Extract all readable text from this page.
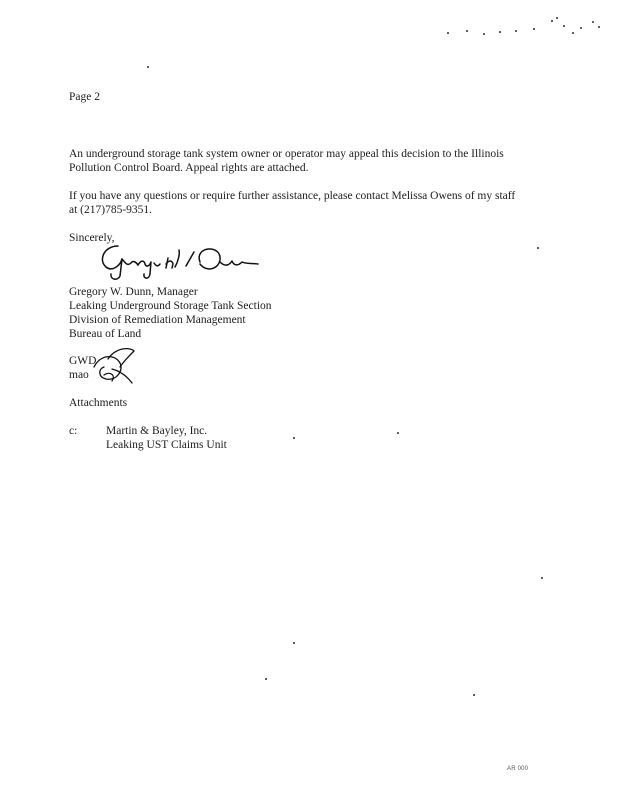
Page 2
An underground storage tank system owner or operator may appeal this decision to the Illinois
Pollution Control Board. Appeal rights are attached.
If you have any questions or require further assistance, please contact Melissa Owens of my staff
at (217)785-9351.
Sincerely,
Gregory W. Dunn, Manager
Leaking Underground Storage Tank Section
Division of Remediation Management
Bureau of Land
GWD
mao
Attachments
c: Martin & Bayley, Inc.
Leaking UST Claims Unit
AR 000
